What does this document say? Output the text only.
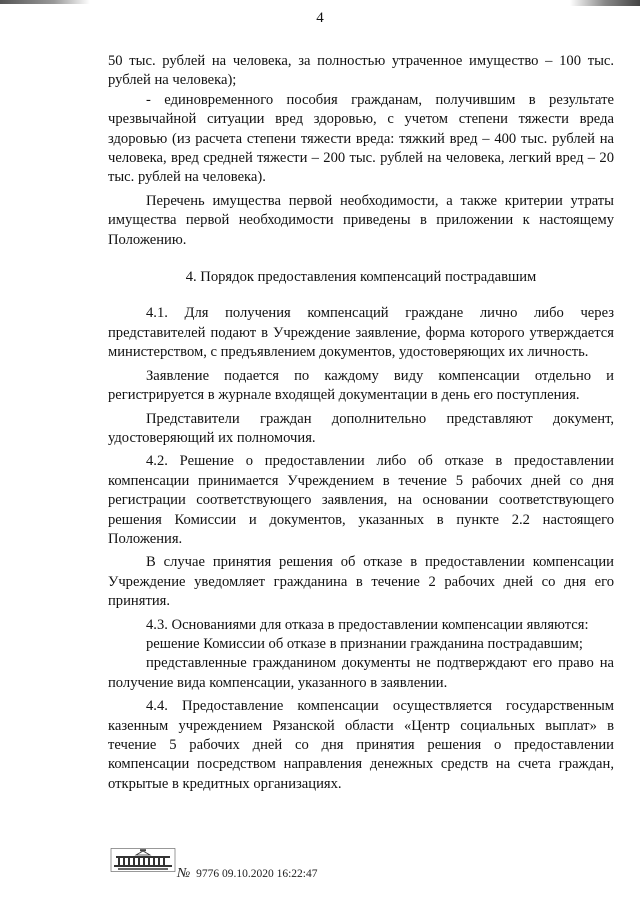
4

50 тыс. рублей на человека, за полностью утраченное имущество – 100 тыс. рублей на человека);

- единовременного пособия гражданам, получившим в результате чрезвычайной ситуации вред здоровью, с учетом степени тяжести вреда здоровью (из расчета степени тяжести вреда: тяжкий вред – 400 тыс. рублей на человека, вред средней тяжести – 200 тыс. рублей на человека, легкий вред – 20 тыс. рублей на человека).

Перечень имущества первой необходимости, а также критерии утраты имущества первой необходимости приведены в приложении к настоящему Положению.

4. Порядок предоставления компенсаций пострадавшим

4.1. Для получения компенсаций граждане лично либо через представителей подают в Учреждение заявление, форма которого утверждается министерством, с предъявлением документов, удостоверяющих их личность.

Заявление подается по каждому виду компенсации отдельно и регистрируется в журнале входящей документации в день его поступления.

Представители граждан дополнительно представляют документ, удостоверяющий их полномочия.

4.2. Решение о предоставлении либо об отказе в предоставлении компенсации принимается Учреждением в течение 5 рабочих дней со дня регистрации соответствующего заявления, на основании соответствующего решения Комиссии и документов, указанных в пункте 2.2 настоящего Положения.

В случае принятия решения об отказе в предоставлении компенсации Учреждение уведомляет гражданина в течение 2 рабочих дней со дня его принятия.

4.3. Основаниями для отказа в предоставлении компенсации являются:

решение Комиссии об отказе в признании гражданина пострадавшим;

представленные гражданином документы не подтверждают его право на получение вида компенсации, указанного в заявлении.

4.4. Предоставление компенсации осуществляется государственным казенным учреждением Рязанской области «Центр социальных выплат» в течение 5 рабочих дней со дня принятия решения о предоставлении компенсации посредством направления денежных средств на счета граждан, открытые в кредитных организациях.

№ 9776 09.10.2020 16:22:47
